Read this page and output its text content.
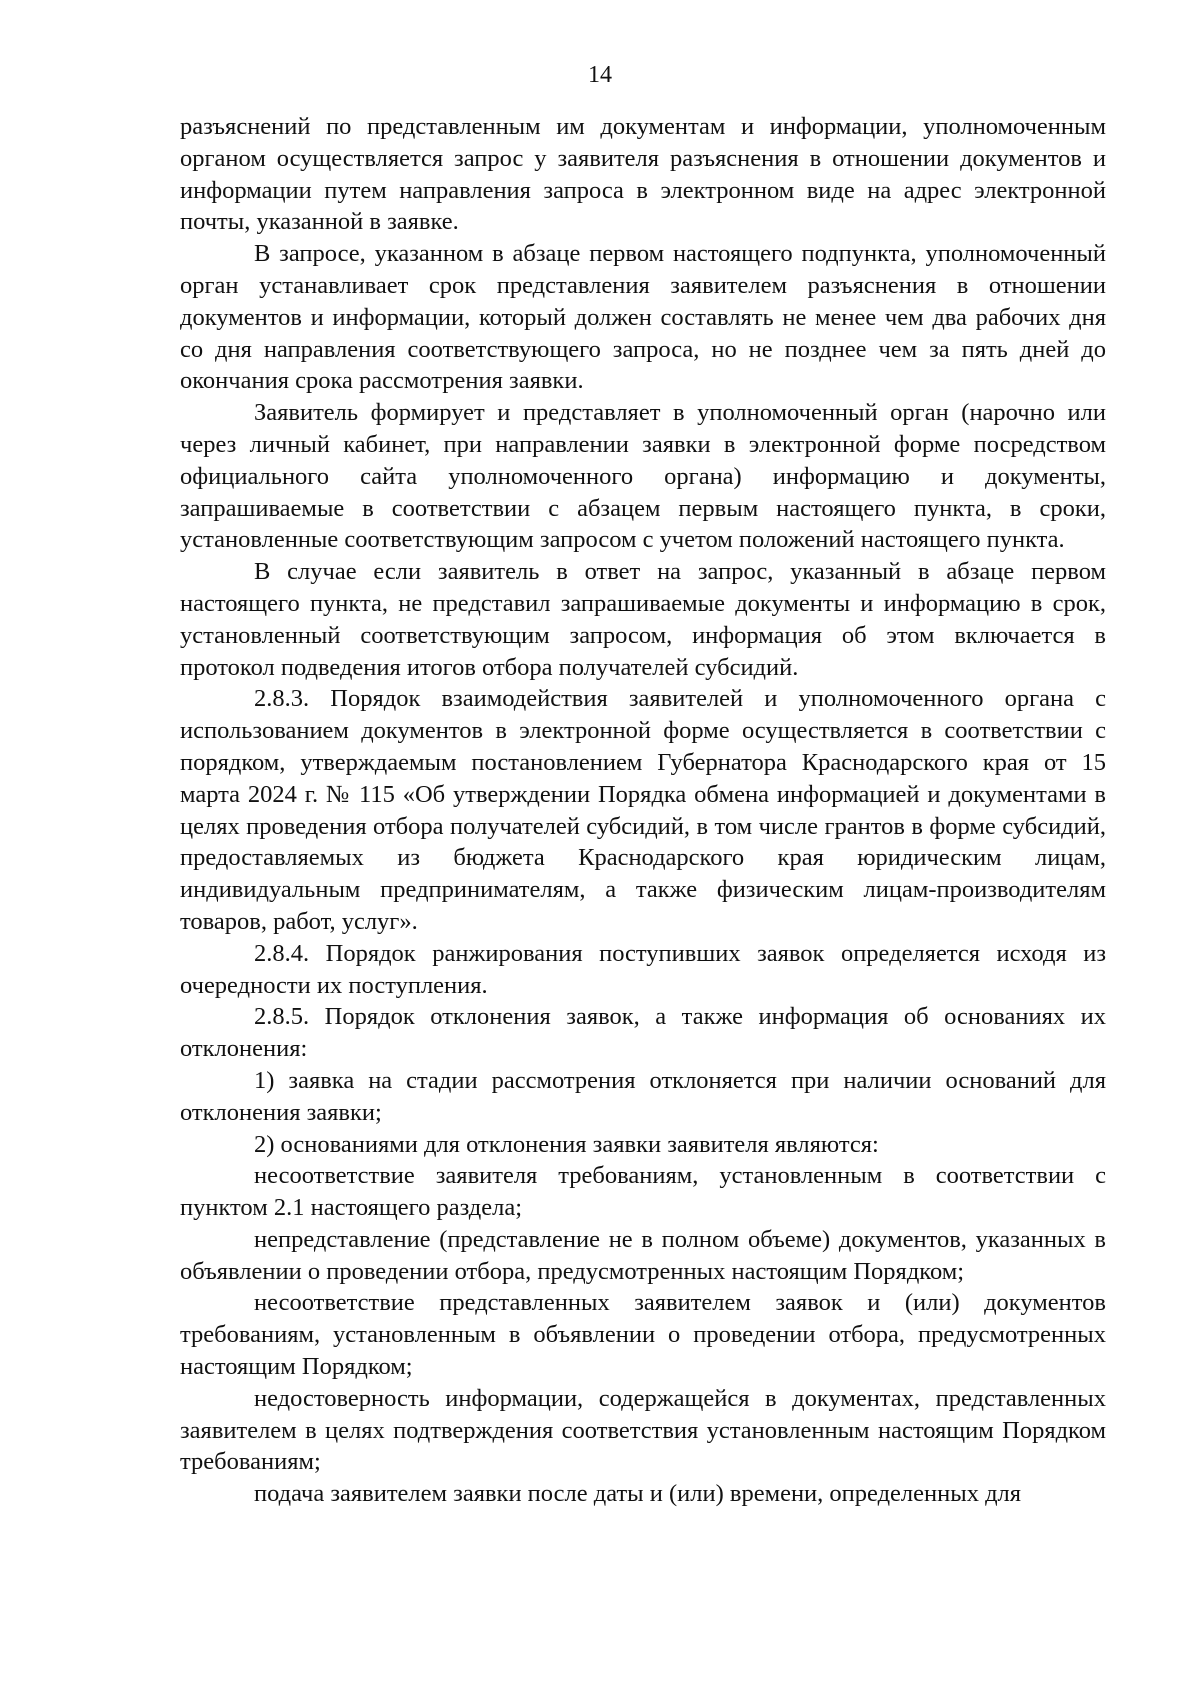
14

разъяснений по представленным им документам и информации, уполномоченным органом осуществляется запрос у заявителя разъяснения в отношении документов и информации путем направления запроса в электронном виде на адрес электронной почты, указанной в заявке.

В запросе, указанном в абзаце первом настоящего подпункта, уполномоченный орган устанавливает срок представления заявителем разъяснения в отношении документов и информации, который должен составлять не менее чем два рабочих дня со дня направления соответствующего запроса, но не позднее чем за пять дней до окончания срока рассмотрения заявки.

Заявитель формирует и представляет в уполномоченный орган (нарочно или через личный кабинет, при направлении заявки в электронной форме посредством официального сайта уполномоченного органа) информацию и документы, запрашиваемые в соответствии с абзацем первым настоящего пункта, в сроки, установленные соответствующим запросом с учетом положений настоящего пункта.

В случае если заявитель в ответ на запрос, указанный в абзаце первом настоящего пункта, не представил запрашиваемые документы и информацию в срок, установленный соответствующим запросом, информация об этом включается в протокол подведения итогов отбора получателей субсидий.

2.8.3. Порядок взаимодействия заявителей и уполномоченного органа с использованием документов в электронной форме осуществляется в соответствии с порядком, утверждаемым постановлением Губернатора Краснодарского края от 15 марта 2024 г. № 115 «Об утверждении Порядка обмена информацией и документами в целях проведения отбора получателей субсидий, в том числе грантов в форме субсидий, предоставляемых из бюджета Краснодарского края юридическим лицам, индивидуальным предпринимателям, а также физическим лицам-производителям товаров, работ, услуг».

2.8.4. Порядок ранжирования поступивших заявок определяется исходя из очередности их поступления.

2.8.5. Порядок отклонения заявок, а также информация об основаниях их отклонения:

1) заявка на стадии рассмотрения отклоняется при наличии оснований для отклонения заявки;

2) основаниями для отклонения заявки заявителя являются:

несоответствие заявителя требованиям, установленным в соответствии с пунктом 2.1 настоящего раздела;

непредставление (представление не в полном объеме) документов, указанных в объявлении о проведении отбора, предусмотренных настоящим Порядком;

несоответствие представленных заявителем заявок и (или) документов требованиям, установленным в объявлении о проведении отбора, предусмотренных настоящим Порядком;

недостоверность информации, содержащейся в документах, представленных заявителем в целях подтверждения соответствия установленным настоящим Порядком требованиям;

подача заявителем заявки после даты и (или) времени, определенных для
